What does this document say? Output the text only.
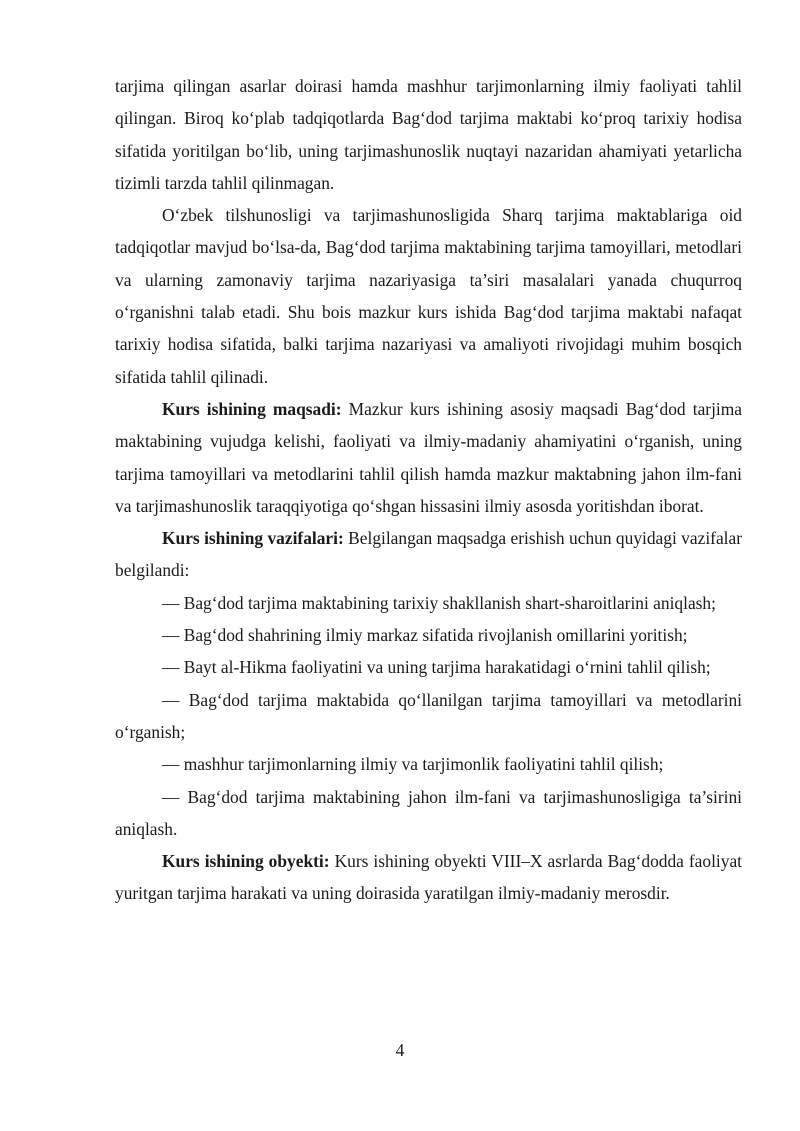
tarjima qilingan asarlar doirasi hamda mashhur tarjimonlarning ilmiy faoliyati tahlil qilingan. Biroq ko‘plab tadqiqotlarda Bag‘dod tarjima maktabi ko‘proq tarixiy hodisa sifatida yoritilgan bo‘lib, uning tarjimashunoslik nuqtayi nazaridan ahamiyati yetarlicha tizimli tarzda tahlil qilinmagan.

O‘zbek tilshunosligi va tarjimashunosligida Sharq tarjima maktablariga oid tadqiqotlar mavjud bo‘lsa-da, Bag‘dod tarjima maktabining tarjima tamoyillari, metodlari va ularning zamonaviy tarjima nazariyasiga ta’siri masalalari yanada chuqurroq o‘rganishni talab etadi. Shu bois mazkur kurs ishida Bag‘dod tarjima maktabi nafaqat tarixiy hodisa sifatida, balki tarjima nazariyasi va amaliyoti rivojidagi muhim bosqich sifatida tahlil qilinadi.

Kurs ishining maqsadi: Mazkur kurs ishining asosiy maqsadi Bag‘dod tarjima maktabining vujudga kelishi, faoliyati va ilmiy-madaniy ahamiyatini o‘rganish, uning tarjima tamoyillari va metodlarini tahlil qilish hamda mazkur maktabning jahon ilm-fani va tarjimashunoslik taraqqiyotiga qo‘shgan hissasini ilmiy asosda yoritishdan iborat.

Kurs ishining vazifalari: Belgilangan maqsadga erishish uchun quyidagi vazifalar belgilandi:

— Bag‘dod tarjima maktabining tarixiy shakllanish shart-sharoitlarini aniqlash;

— Bag‘dod shahrining ilmiy markaz sifatida rivojlanish omillarini yoritish;

— Bayt al-Hikma faoliyatini va uning tarjima harakatidagi o‘rnini tahlil qilish;

— Bag‘dod tarjima maktabida qo‘llanilgan tarjima tamoyillari va metodlarini o‘rganish;

— mashhur tarjimonlarning ilmiy va tarjimonlik faoliyatini tahlil qilish;

— Bag‘dod tarjima maktabining jahon ilm-fani va tarjimashunosligiga ta’sirini aniqlash.

Kurs ishining obyekti: Kurs ishining obyekti VIII–X asrlarda Bag‘dodda faoliyat yuritgan tarjima harakati va uning doirasida yaratilgan ilmiy-madaniy merosdir.

4
